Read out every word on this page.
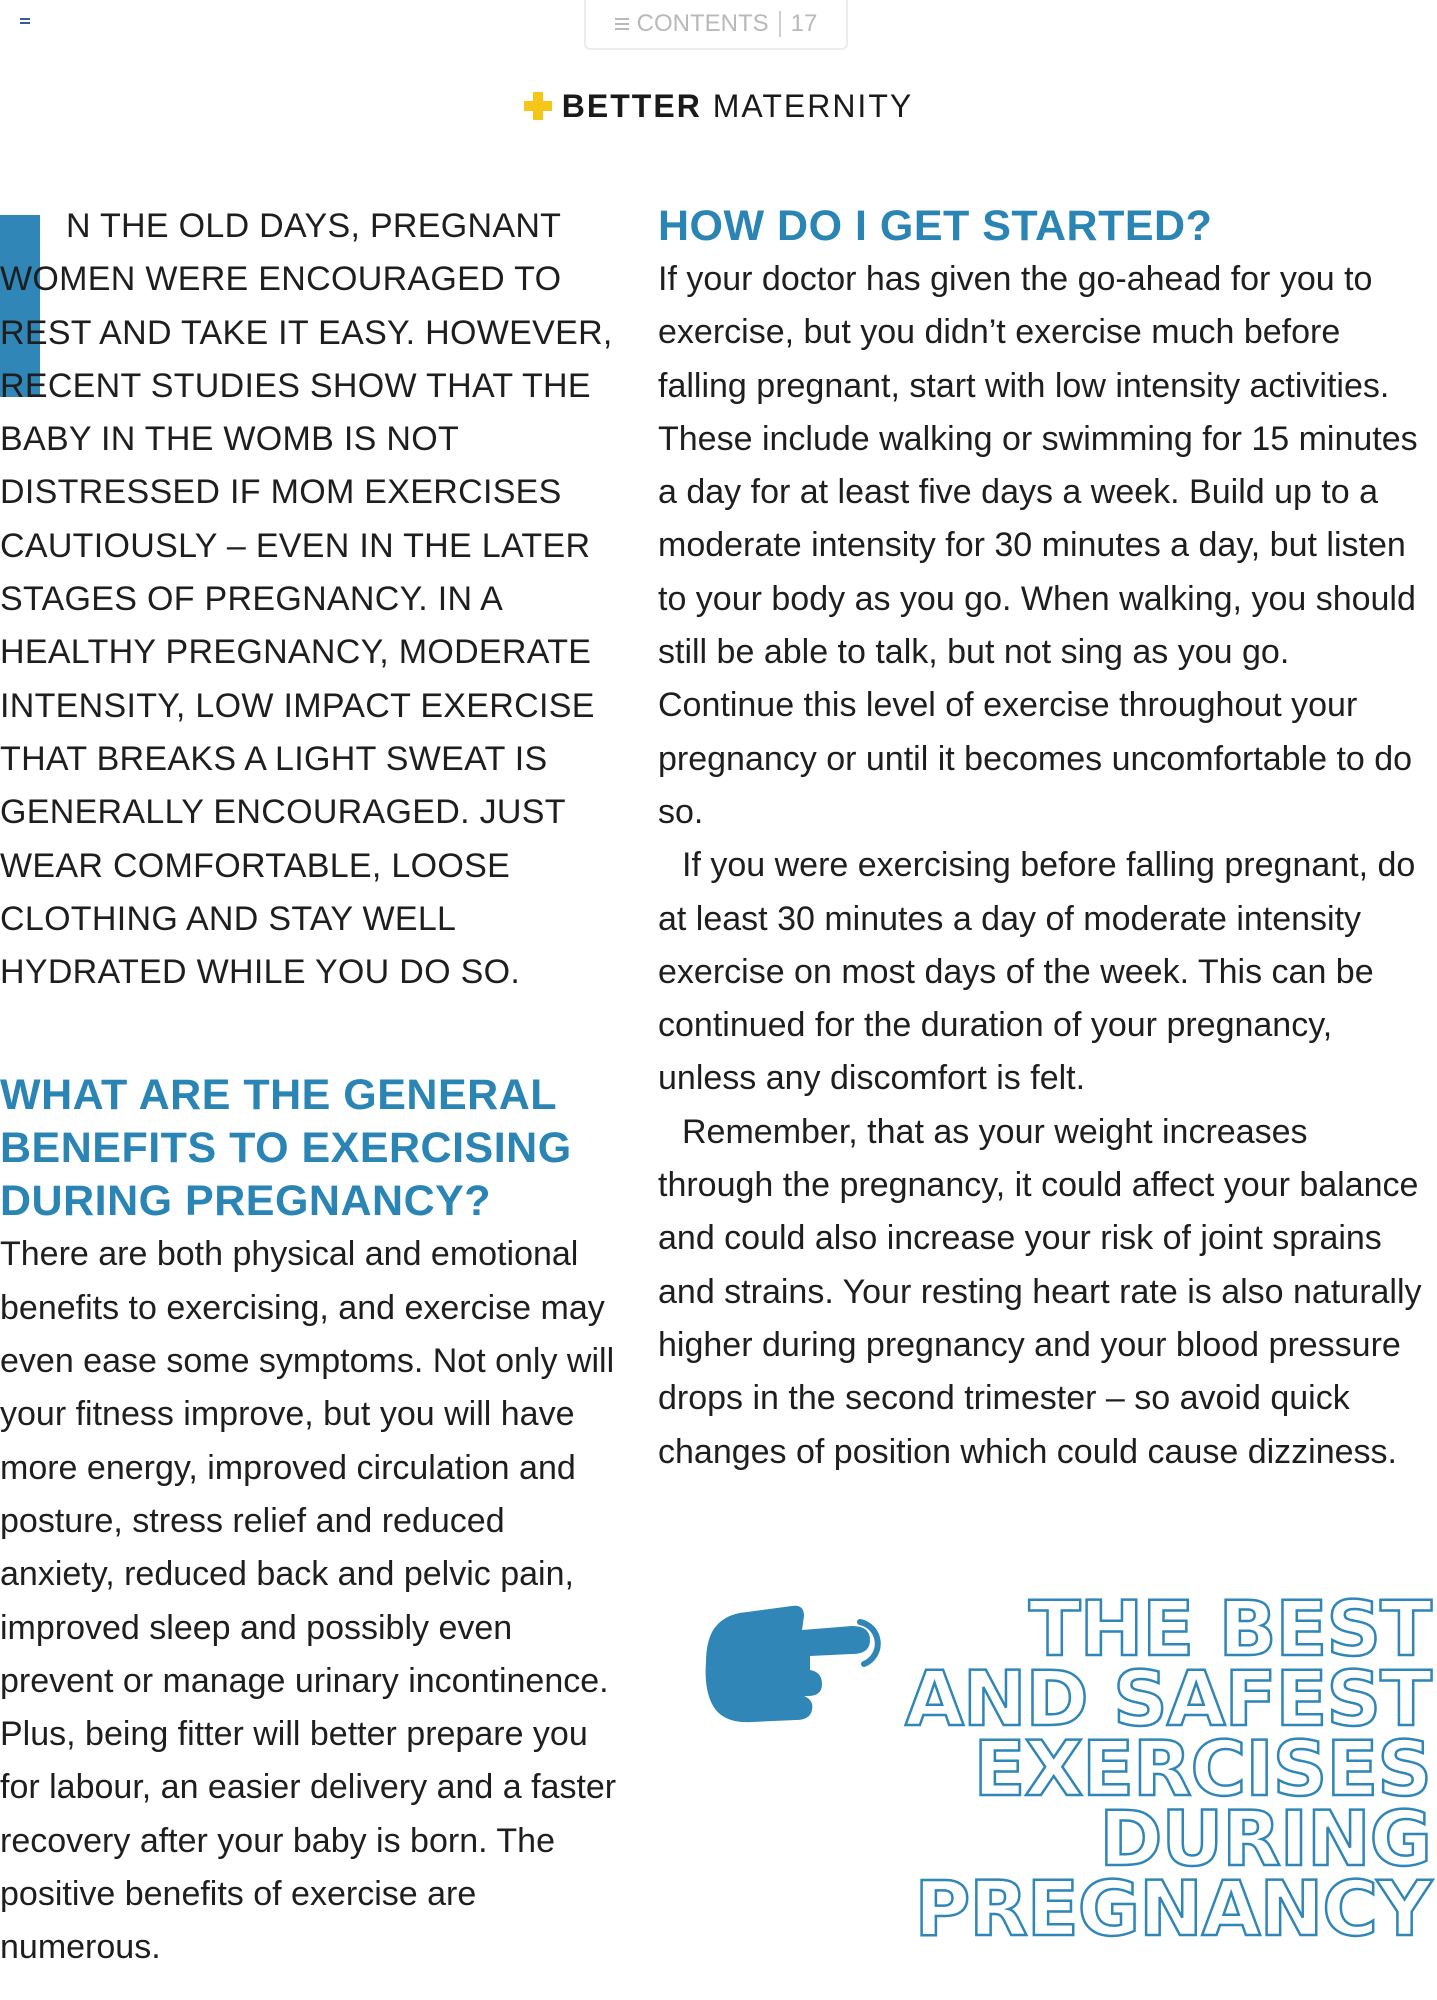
CONTENTS 17
BETTER MATERNITY

N THE OLD DAYS, PREGNANT WOMEN WERE ENCOURAGED TO REST AND TAKE IT EASY. HOWEVER, RECENT STUDIES SHOW THAT THE BABY IN THE WOMB IS NOT DISTRESSED IF MOM EXERCISES CAUTIOUSLY – EVEN IN THE LATER STAGES OF PREGNANCY. IN A HEALTHY PREGNANCY, MODERATE INTENSITY, LOW IMPACT EXERCISE THAT BREAKS A LIGHT SWEAT IS GENERALLY ENCOURAGED. JUST WEAR COMFORTABLE, LOOSE CLOTHING AND STAY WELL HYDRATED WHILE YOU DO SO.

WHAT ARE THE GENERAL BENEFITS TO EXERCISING DURING PREGNANCY?

There are both physical and emotional benefits to exercising, and exercise may even ease some symptoms. Not only will your fitness improve, but you will have more energy, improved circulation and posture, stress relief and reduced anxiety, reduced back and pelvic pain, improved sleep and possibly even prevent or manage urinary incontinence. Plus, being fitter will better prepare you for labour, an easier delivery and a faster recovery after your baby is born. The positive benefits of exercise are numerous.

HOW DO I GET STARTED?

If your doctor has given the go-ahead for you to exercise, but you didn’t exercise much before falling pregnant, start with low intensity activities. These include walking or swimming for 15 minutes a day for at least five days a week. Build up to a moderate intensity for 30 minutes a day, but listen to your body as you go. When walking, you should still be able to talk, but not sing as you go. Continue this level of exercise throughout your pregnancy or until it becomes uncomfortable to do so.

If you were exercising before falling pregnant, do at least 30 minutes a day of moderate intensity exercise on most days of the week. This can be continued for the duration of your pregnancy, unless any discomfort is felt.

Remember, that as your weight increases through the pregnancy, it could affect your balance and could also increase your risk of joint sprains and strains. Your resting heart rate is also naturally higher during pregnancy and your blood pressure drops in the second trimester – so avoid quick changes of position which could cause dizziness.

THE BEST
AND SAFEST
EXERCISES
DURING
PREGNANCY
